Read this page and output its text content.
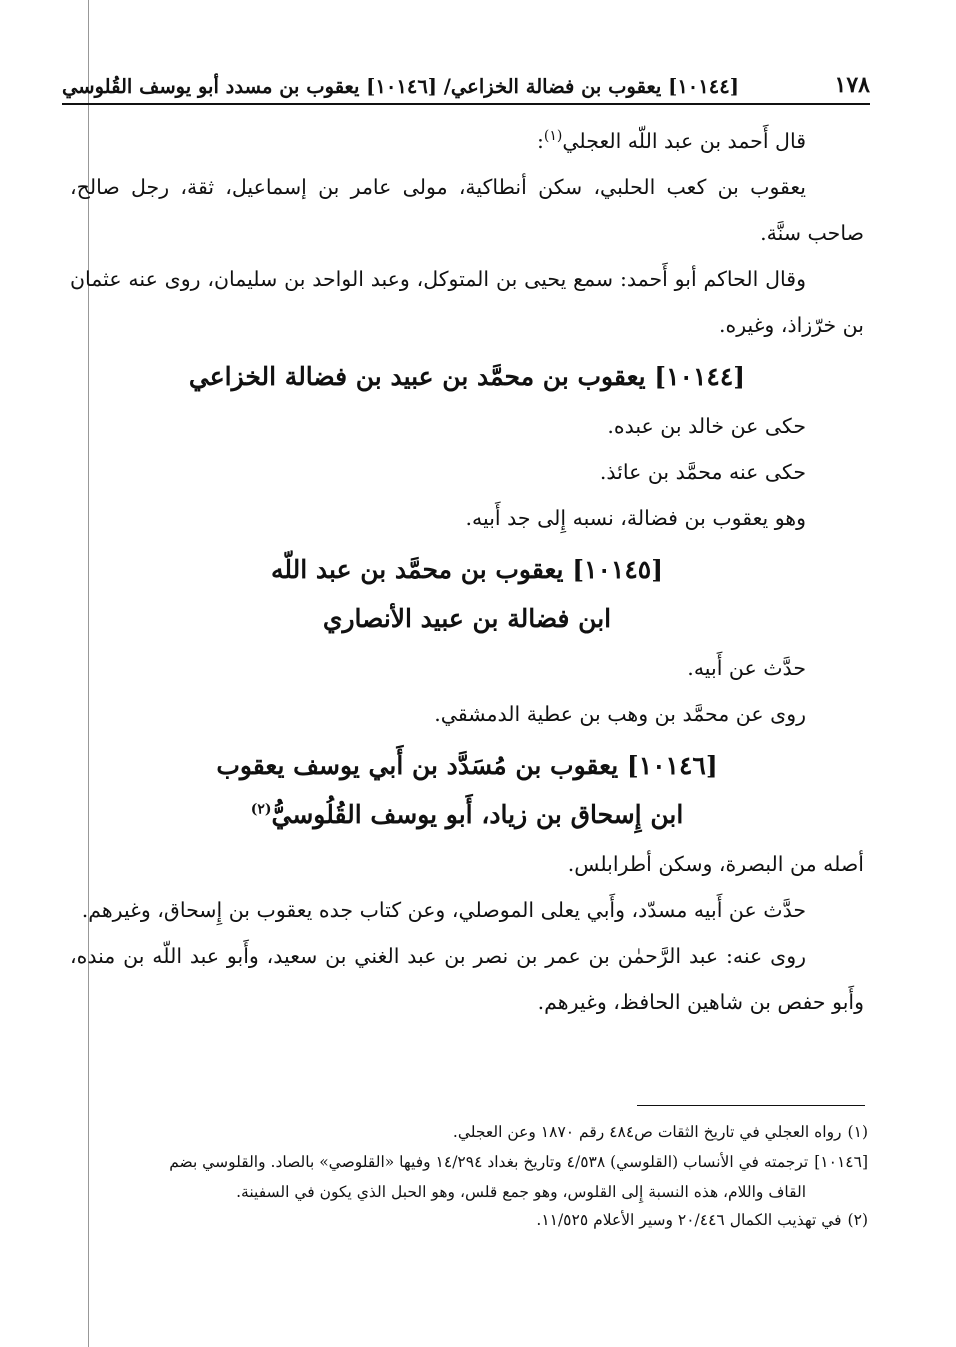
١٧٨
[١٠١٤٤] يعقوب بن فضالة الخزاعي/ [١٠١٤٦] يعقوب بن مسدد أبو يوسف القُلوسي

قال أَحمد بن عبد اللّه العجلي$^{(١)}$:

يعقوب بن كعب الحلبي، سكن أنطاكية، مولى عامر بن إسماعيل، ثقة، رجل صالح، صاحب سنَّة.

وقال الحاكم أبو أَحمد: سمع يحيى بن المتوكل، وعبد الواحد بن سليمان، روى عنه عثمان بن خرّزاذ، وغيره.

[١٠١٤٤] يعقوب بن محمَّد بن عبيد بن فضالة الخزاعي

حكى عن خالد بن عبده.

حكى عنه محمَّد بن عائذ.

وهو يعقوب بن فضالة، نسبه إِلى جد أَبيه.

[١٠١٤٥] يعقوب بن محمَّد بن عبد اللّه
ابن فضالة بن عبيد الأنصاري

حدَّث عن أَبيه.

روى عن محمَّد بن وهب بن عطية الدمشقي.

[١٠١٤٦] يعقوب بن مُسَدَّد بن أَبي يوسف يعقوب
ابن إِسحاق بن زياد، أَبو يوسف القُلُوسيُّ$^{(٢)}$

أصله من البصرة، وسكن أطرابلس.

حدَّث عن أَبيه مسدّد، وأَبي يعلى الموصلي، وعن كتاب جده يعقوب بن إِسحاق، وغيرهم.

روى عنه: عبد الرَّحمٰن بن عمر بن نصر بن عبد الغني بن سعيد، وأَبو عبد اللّه بن منده، وأَبو حفص بن شاهين الحافظ، وغيرهم.

(١)رواه العجلي في تاريخ الثقات ص٤٨٤ رقم ١٨٧٠ وعن العجلي.

[١٠١٤٦]ترجمته في الأنساب (القلوسي) ٤/٥٣٨ وتاريخ بغداد ١٤/٢٩٤ وفيها «القلوصي» بالصاد. والقلوسي بضم

القاف واللام، هذه النسبة إِلى القلوس، وهو جمع قلس، وهو الحبل الذي يكون في السفينة.

(٢)في تهذيب الكمال ٢٠/٤٤٦ وسير الأعلام ١١/٥٢٥.
